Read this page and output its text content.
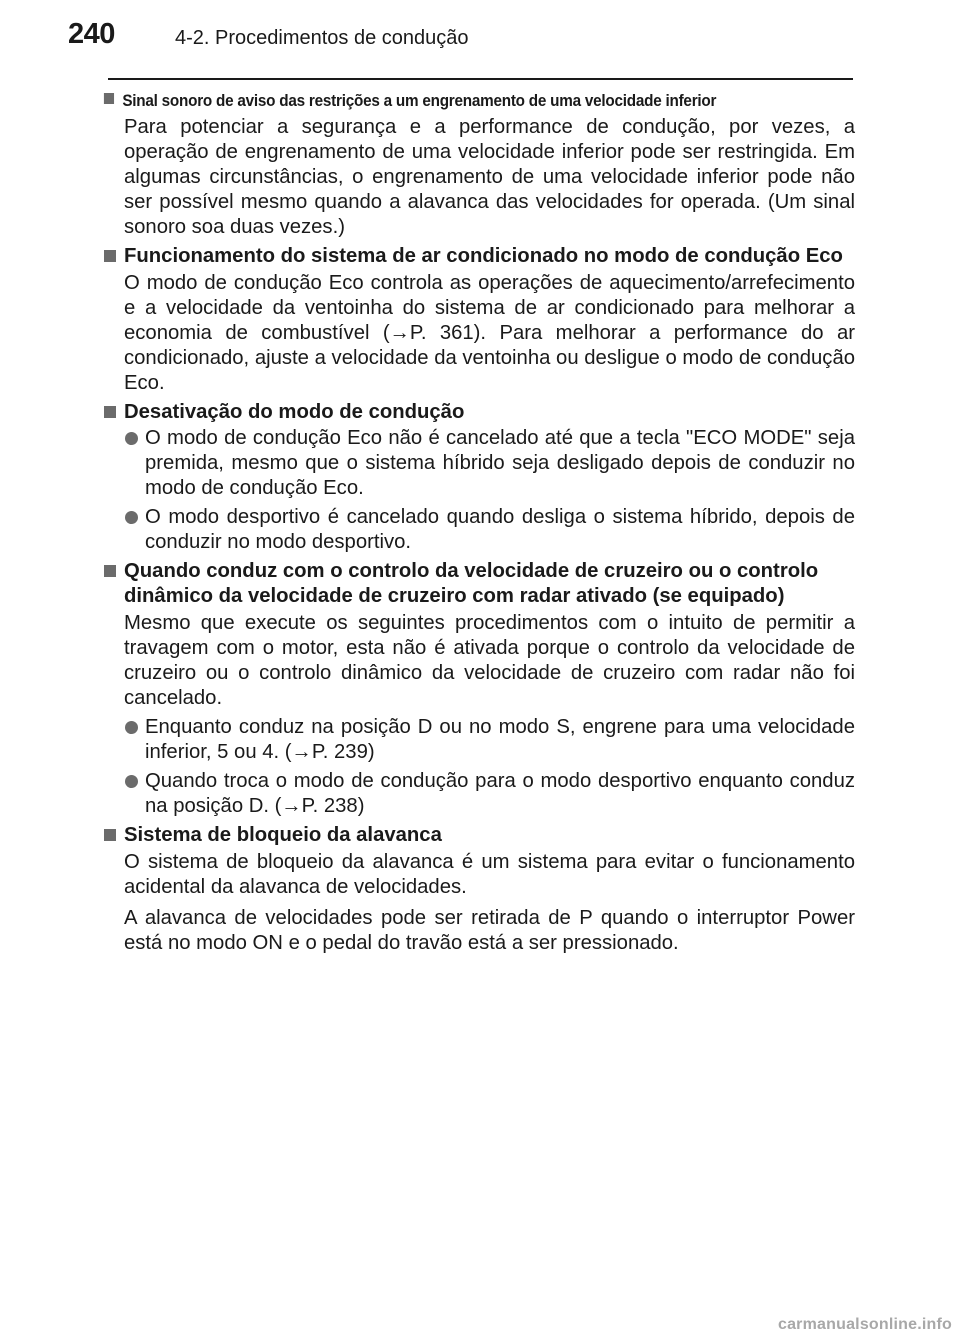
240	4-2. Procedimentos de condução
Sinal sonoro de aviso das restrições a um engrenamento de uma velocidade inferior

Para potenciar a segurança e a performance de condução, por vezes, a operação de engrenamento de uma velocidade inferior pode ser restringida. Em algumas circunstâncias, o engrenamento de uma velocidade inferior pode não ser possível mesmo quando a alavanca das velocidades for operada. (Um sinal sonoro soa duas vezes.)

Funcionamento do sistema de ar condicionado no modo de condução Eco

O modo de condução Eco controla as operações de aquecimento/arrefecimento e a velocidade da ventoinha do sistema de ar condicionado para melhorar a economia de combustível (→P. 361). Para melhorar a performance do ar condicionado, ajuste a velocidade da ventoinha ou desligue o modo de condução Eco.

Desativação do modo de condução
O modo de condução Eco não é cancelado até que a tecla "ECO MODE" seja premida, mesmo que o sistema híbrido seja desligado depois de conduzir no modo de condução Eco.
O modo desportivo é cancelado quando desliga o sistema híbrido, depois de conduzir no modo desportivo.
Quando conduz com o controlo da velocidade de cruzeiro ou o controlo dinâmico da velocidade de cruzeiro com radar ativado (se equipado)

Mesmo que execute os seguintes procedimentos com o intuito de permitir a travagem com o motor, esta não é ativada porque o controlo da velocidade de cruzeiro ou o controlo dinâmico da velocidade de cruzeiro com radar não foi cancelado.

Enquanto conduz na posição D ou no modo S, engrene para uma velocidade inferior, 5 ou 4. (→P. 239)
Quando troca o modo de condução para o modo desportivo enquanto conduz na posição D. (→P. 238)
Sistema de bloqueio da alavanca

O sistema de bloqueio da alavanca é um sistema para evitar o funcionamento acidental da alavanca de velocidades.

A alavanca de velocidades pode ser retirada de P quando o interruptor Power está no modo ON e o pedal do travão está a ser pressionado.

carmanualsonline.info
